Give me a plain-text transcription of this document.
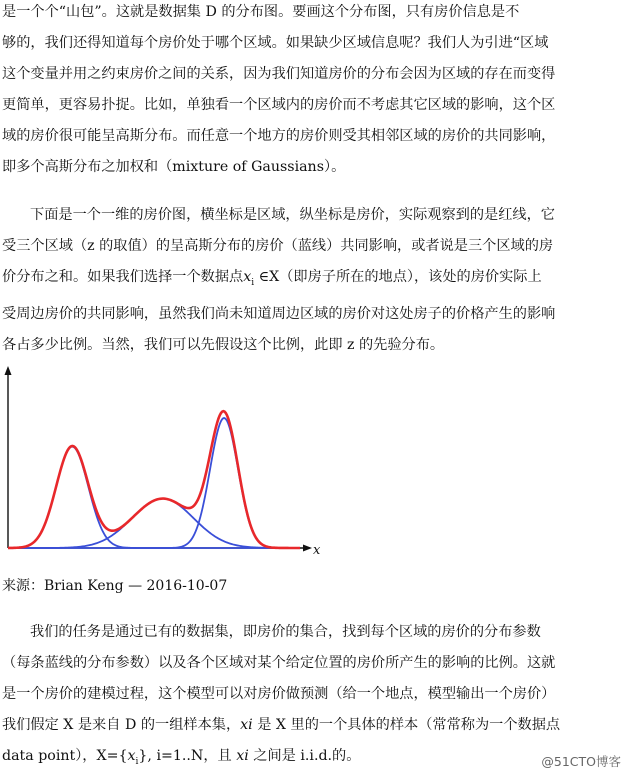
是一个个“山包”。这就是数据集 D 的分布图。要画这个分布图，只有房价信息是不
够的，我们还得知道每个房价处于哪个区域。如果缺少区域信息呢？我们人为引进“区域
这个变量并用之约束房价之间的关系，因为我们知道房价的分布会因为区域的存在而变得
更简单，更容易扑捉。比如，单独看一个区域内的房价而不考虑其它区域的影响，这个区
域的房价很可能呈高斯分布。而任意一个地方的房价则受其相邻区域的房价的共同影响，
即多个高斯分布之加权和（mixture of Gaussians）。
下面是一个一维的房价图，横坐标是区域，纵坐标是房价，实际观察到的是红线，它
受三个区域（z 的取值）的呈高斯分布的房价（蓝线）共同影响，或者说是三个区域的房
价分布之和。如果我们选择一个数据点$x_i$ ∈X（即房子所在的地点），该处的房价实际上
受周边房价的共同影响，虽然我们尚未知道周边区域的房价对这处房子的价格产生的影响
各占多少比例。当然，我们可以先假设这个比例，此即 z 的先验分布。
x
来源：Brian Keng — 2016-10-07
我们的任务是通过已有的数据集，即房价的集合，找到每个区域的房价的分布参数
（每条蓝线的分布参数）以及各个区域对某个给定位置的房价所产生的影响的比例。这就
是一个房价的建模过程，这个模型可以对房价做预测（给一个地点，模型输出一个房价）
我们假定 X 是来自 D 的一组样本集，xi 是 X 里的一个具体的样本（常常称为一个数据点
data point），$X=\{x_i\}$, i=1..N，且 xi 之间是 i.i.d.的。	@51CTO博客
